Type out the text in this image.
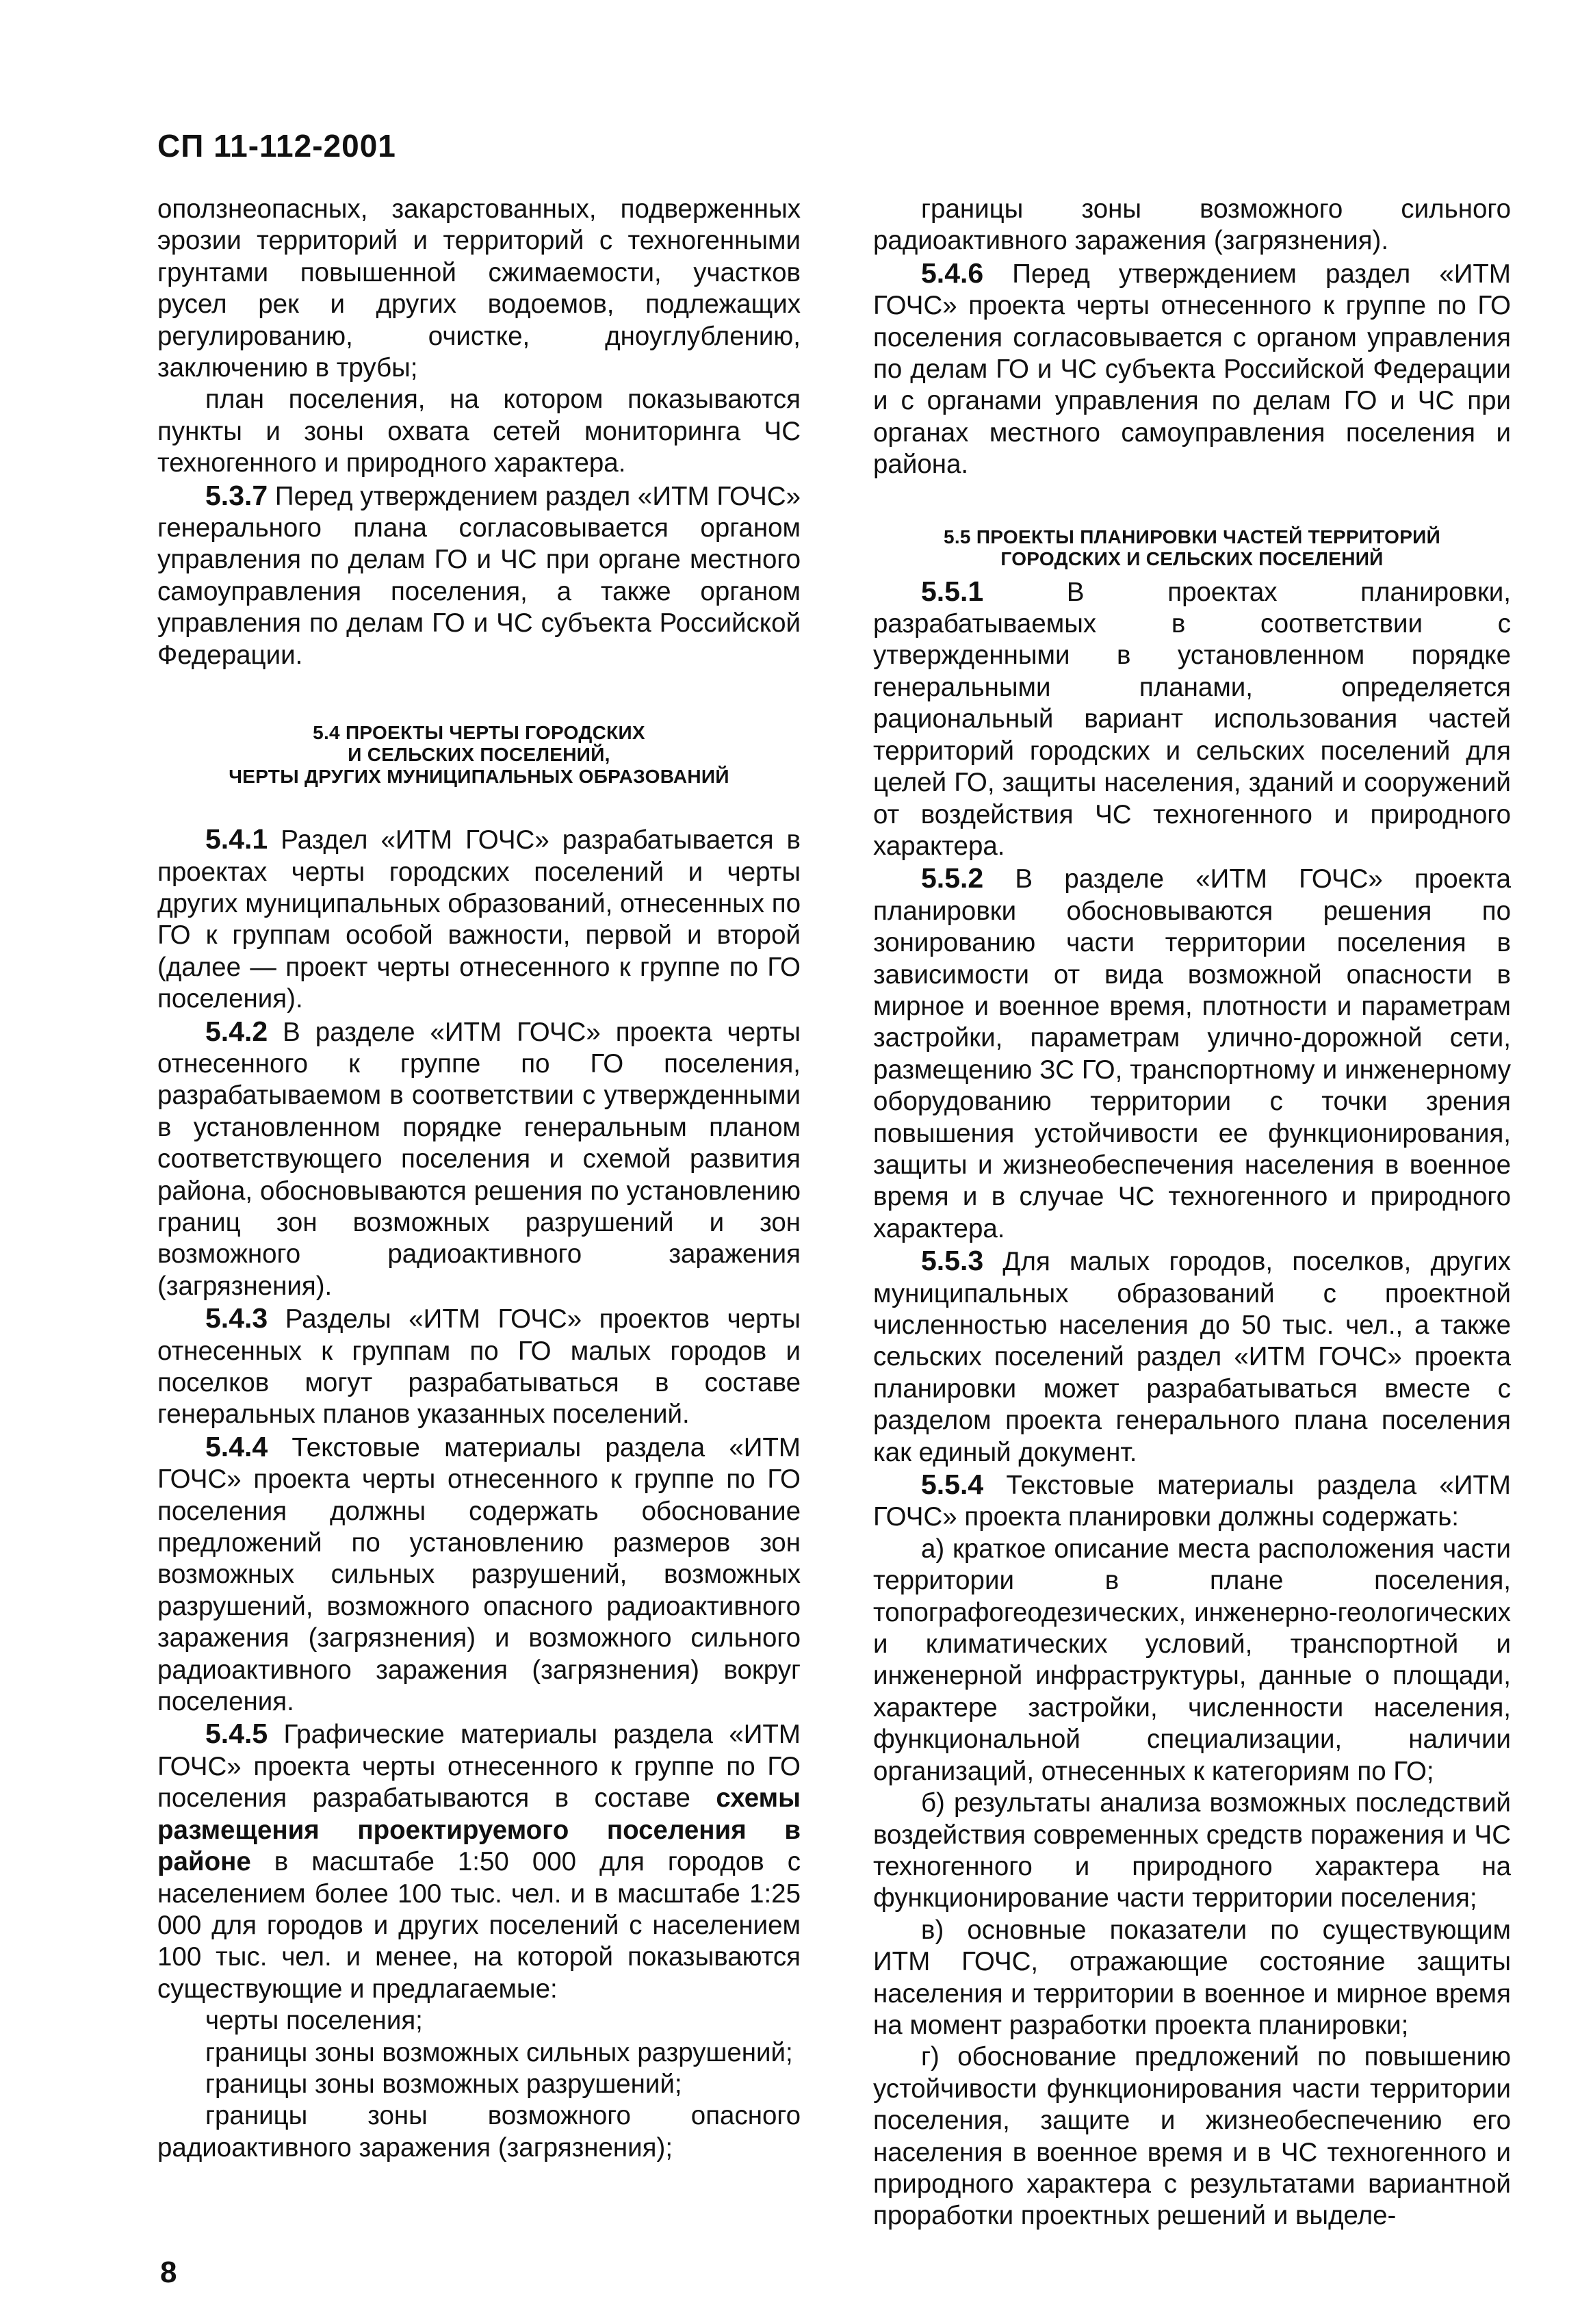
СП 11-112-2001

оползнеопасных, закарстованных, подверженных эрозии территорий и территорий с техногенными грунтами повышенной сжимаемости, участков русел рек и других водоемов, подлежащих регулированию, очистке, дноуглублению, заключению в трубы;

план поселения, на котором показываются пункты и зоны охвата сетей мониторинга ЧС техногенного и природного характера.

5.3.7 Перед утверждением раздел «ИТМ ГОЧС» генерального плана согласовывается органом управления по делам ГО и ЧС при органе местного самоуправления поселения, а также органом управления по делам ГО и ЧС субъекта Российской Федерации.

5.4 ПРОЕКТЫ ЧЕРТЫ ГОРОДСКИХ
И СЕЛЬСКИХ ПОСЕЛЕНИЙ,
ЧЕРТЫ ДРУГИХ МУНИЦИПАЛЬНЫХ ОБРАЗОВАНИЙ

5.4.1 Раздел «ИТМ ГОЧС» разрабатывается в проектах черты городских поселений и черты других муниципальных образований, отнесенных по ГО к группам особой важности, первой и второй (далее — проект черты отнесенного к группе по ГО поселения).

5.4.2 В разделе «ИТМ ГОЧС» проекта черты отнесенного к группе по ГО поселения, разрабатываемом в соответствии с утвержденными в установленном порядке генеральным планом соответствующего поселения и схемой развития района, обосновываются решения по установлению границ зон возможных разрушений и зон возможного радиоактивного заражения (загрязнения).

5.4.3 Разделы «ИТМ ГОЧС» проектов черты отнесенных к группам по ГО малых городов и поселков могут разрабатываться в составе генеральных планов указанных поселений.

5.4.4 Текстовые материалы раздела «ИТМ ГОЧС» проекта черты отнесенного к группе по ГО поселения должны содержать обоснование предложений по установлению размеров зон возможных сильных разрушений, возможных разрушений, возможного опасного радиоактивного заражения (загрязнения) и возможного сильного радиоактивного заражения (загрязнения) вокруг поселения.

5.4.5 Графические материалы раздела «ИТМ ГОЧС» проекта черты отнесенного к группе по ГО поселения разрабатываются в составе схемы размещения проектируемого поселения в районе в масштабе 1:50 000 для городов с населением более 100 тыс. чел. и в масштабе 1:25 000 для городов и других поселений с населением 100 тыс. чел. и менее, на которой показываются существующие и предлагаемые:

черты поселения;

границы зоны возможных сильных разрушений;

границы зоны возможных разрушений;

границы зоны возможного опасного радиоактивного заражения (загрязнения);

границы зоны возможного сильного радиоактивного заражения (загрязнения).

5.4.6 Перед утверждением раздел «ИТМ ГОЧС» проекта черты отнесенного к группе по ГО поселения согласовывается с органом управления по делам ГО и ЧС субъекта Российской Федерации и с органами управления по делам ГО и ЧС при органах местного самоуправления поселения и района.

5.5 ПРОЕКТЫ ПЛАНИРОВКИ ЧАСТЕЙ ТЕРРИТОРИЙ
ГОРОДСКИХ И СЕЛЬСКИХ ПОСЕЛЕНИЙ

5.5.1 В проектах планировки, разрабатываемых в соответствии с утвержденными в установленном порядке генеральными планами, определяется рациональный вариант использования частей территорий городских и сельских поселений для целей ГО, защиты населения, зданий и сооружений от воздействия ЧС техногенного и природного характера.

5.5.2 В разделе «ИТМ ГОЧС» проекта планировки обосновываются решения по зонированию части территории поселения в зависимости от вида возможной опасности в мирное и военное время, плотности и параметрам застройки, параметрам улично-дорожной сети, размещению ЗС ГО, транспортному и инженерному оборудованию территории с точки зрения повышения устойчивости ее функционирования, защиты и жизнеобеспечения населения в военное время и в случае ЧС техногенного и природного характера.

5.5.3 Для малых городов, поселков, других муниципальных образований с проектной численностью населения до 50 тыс. чел., а также сельских поселений раздел «ИТМ ГОЧС» проекта планировки может разрабатываться вместе с разделом проекта генерального плана поселения как единый документ.

5.5.4 Текстовые материалы раздела «ИТМ ГОЧС» проекта планировки должны содержать:

а) краткое описание места расположения части территории в плане поселения, топографогеодезических, инженерно-геологических и климатических условий, транспортной и инженерной инфраструктуры, данные о площади, характере застройки, численности населения, функциональной специализации, наличии организаций, отнесенных к категориям по ГО;

б) результаты анализа возможных последствий воздействия современных средств поражения и ЧС техногенного и природного характера на функционирование части территории поселения;

в) основные показатели по существующим ИТМ ГОЧС, отражающие состояние защиты населения и территории в военное и мирное время на момент разработки проекта планировки;

г) обоснование предложений по повышению устойчивости функционирования части территории поселения, защите и жизнеобеспечению его населения в военное время и в ЧС техногенного и природного характера с результатами вариантной проработки проектных решений и выделе-

8
